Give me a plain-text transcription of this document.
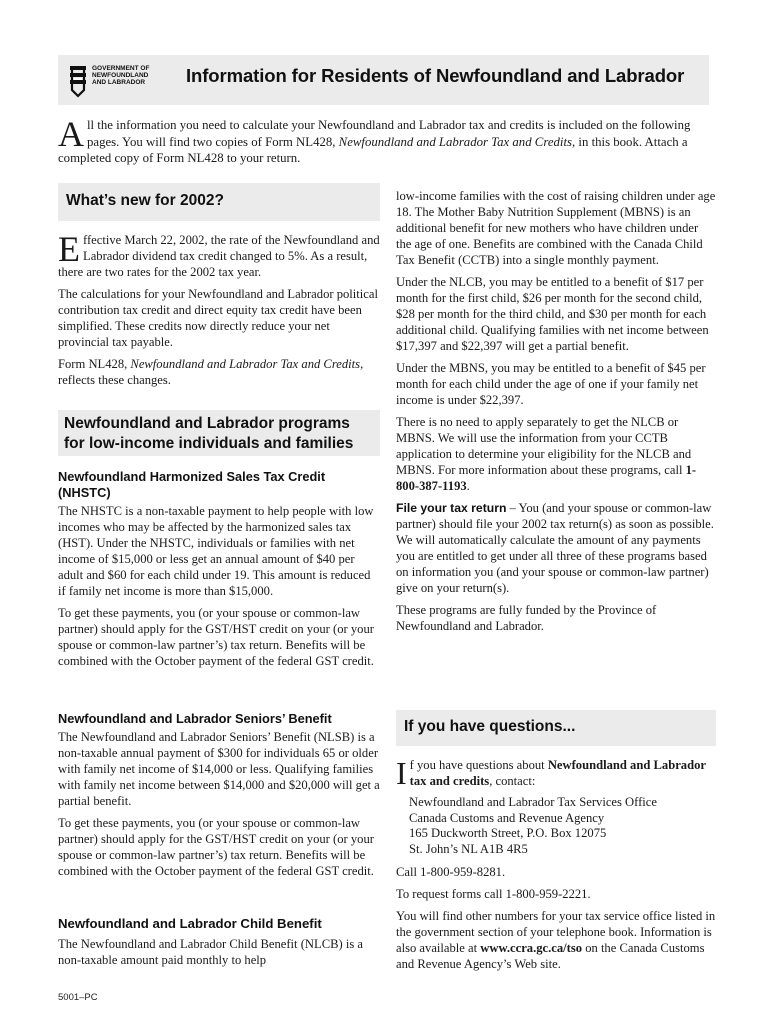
GOVERNMENT OF
NEWFOUNDLAND
AND LABRADOR Information for Residents of Newfoundland and Labrador
A ll the information you need to calculate your Newfoundland and Labrador tax and credits is included on the following pages. You will find two copies of Form NL428, Newfoundland and Labrador Tax and Credits, in this book. Attach a completed copy of Form NL428 to your return.
What’s new for 2002?

Effective March 22, 2002, the rate of the Newfoundland and Labrador dividend tax credit changed to 5%. As a result, there are two rates for the 2002 tax year.

The calculations for your Newfoundland and Labrador political contribution tax credit and direct equity tax credit have been simplified. These credits now directly reduce your net provincial tax payable.

Form NL428, Newfoundland and Labrador Tax and Credits, reflects these changes.

Newfoundland and Labrador programs
for low-income individuals and families
Newfoundland Harmonized Sales Tax Credit (NHSTC)

The NHSTC is a non-taxable payment to help people with low incomes who may be affected by the harmonized sales tax (HST). Under the NHSTC, individuals or families with net income of $15,000 or less get an annual amount of $40 per adult and $60 for each child under 19. This amount is reduced if family net income is more than $15,000.

To get these payments, you (or your spouse or common-law partner) should apply for the GST/HST credit on your (or your spouse or common-law partner’s) tax return. Benefits will be combined with the October payment of the federal GST credit.

Newfoundland and Labrador Seniors’ Benefit

The Newfoundland and Labrador Seniors’ Benefit (NLSB) is a non-taxable annual payment of $300 for individuals 65 or older with family net income of $14,000 or less. Qualifying families with family net income between $14,000 and $20,000 will get a partial benefit.

To get these payments, you (or your spouse or common-law partner) should apply for the GST/HST credit on your (or your spouse or common-law partner’s) tax return. Benefits will be combined with the October payment of the federal GST credit.

Newfoundland and Labrador Child Benefit

The Newfoundland and Labrador Child Benefit (NLCB) is a non-taxable amount paid monthly to help

low-income families with the cost of raising children under age 18. The Mother Baby Nutrition Supplement (MBNS) is an additional benefit for new mothers who have children under the age of one. Benefits are combined with the Canada Child Tax Benefit (CCTB) into a single monthly payment.

Under the NLCB, you may be entitled to a benefit of $17 per month for the first child, $26 per month for the second child, $28 per month for the third child, and $30 per month for each additional child. Qualifying families with net income between $17,397 and $22,397 will get a partial benefit.

Under the MBNS, you may be entitled to a benefit of $45 per month for each child under the age of one if your family net income is under $22,397.

There is no need to apply separately to get the NLCB or MBNS. We will use the information from your CCTB application to determine your eligibility for the NLCB and MBNS. For more information about these programs, call 1-800-387-1193.

File your tax return – You (and your spouse or common-law partner) should file your 2002 tax return(s) as soon as possible. We will automatically calculate the amount of any payments you are entitled to get under all three of these programs based on information you (and your spouse or common-law partner) give on your return(s).

These programs are fully funded by the Province of Newfoundland and Labrador.

If you have questions...

If you have questions about Newfoundland and Labrador tax and credits, contact:

Newfoundland and Labrador Tax Services Office
Canada Customs and Revenue Agency
165 Duckworth Street, P.O. Box 12075
St. John’s NL A1B 4R5

Call 1-800-959-8281.

To request forms call 1-800-959-2221.

You will find other numbers for your tax service office listed in the government section of your telephone book. Information is also available at www.ccra.gc.ca/tso on the Canada Customs and Revenue Agency’s Web site.

5001–PC
